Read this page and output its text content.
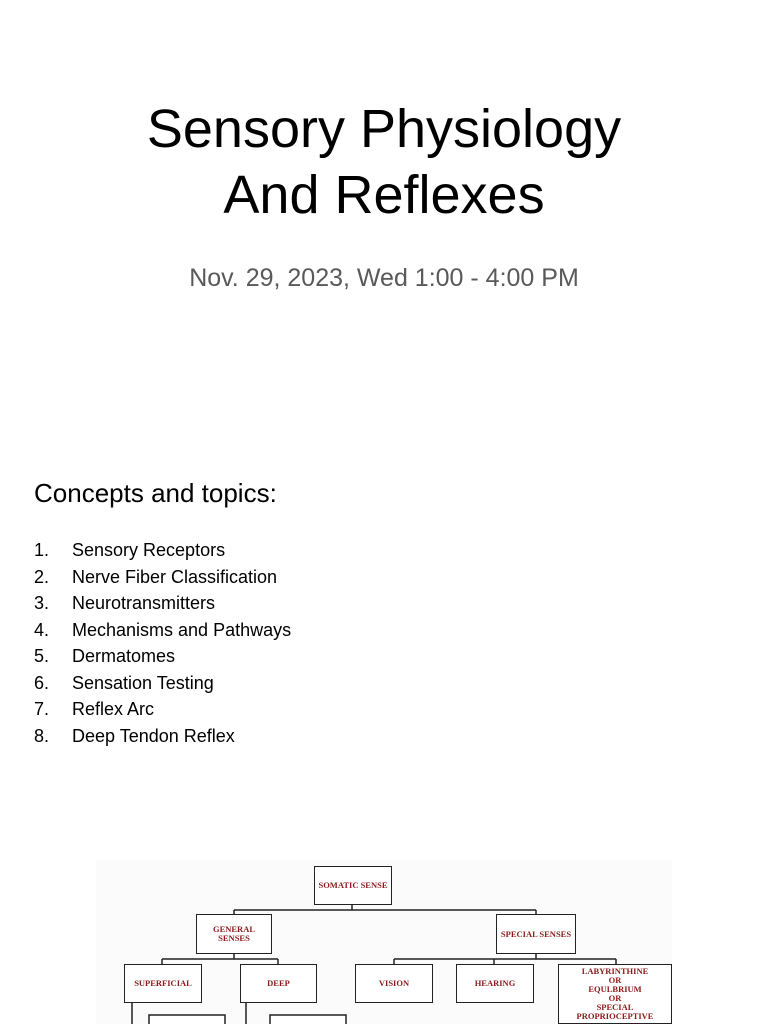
Sensory Physiology
And Reflexes
Nov. 29, 2023, Wed 1:00 - 4:00 PM
Concepts and topics:
1.	Sensory Receptors
2.	Nerve Fiber Classification
3.	Neurotransmitters
4.	Mechanisms and Pathways
5.	Dermatomes
6.	Sensation Testing
7.	Reflex Arc
8.	Deep Tendon Reflex
SOMATIC SENSE
GENERAL SENSES	SPECIAL SENSES
SUPERFICIAL	DEEP	VISION	HEARING
LABYRINTHINE
OR
EQULBRIUM
OR
SPECIAL PROPRIOCEPTIVE
